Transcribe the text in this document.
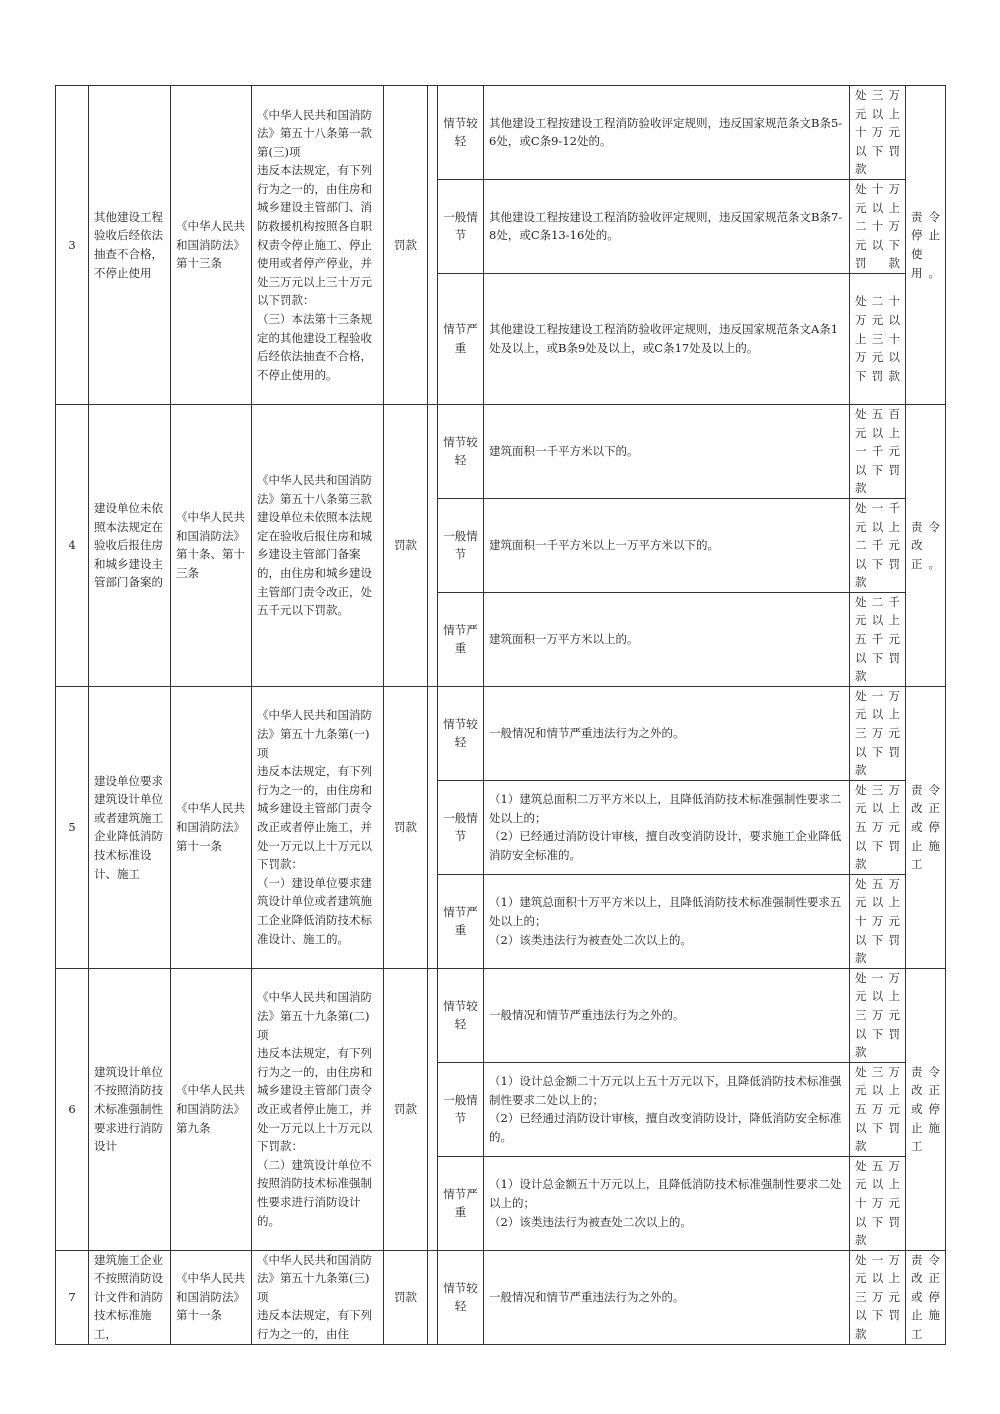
3	其他建设工程验收后经依法抽查不合格，不停止使用	《中华人民共和国消防法》第十三条	《中华人民共和国消防法》第五十八条第一款第(三)项
违反本法规定，有下列行为之一的，由住房和城乡建设主管部门、消防救援机构按照各自职权责令停止施工、停止使用或者停产停业，并处三万元以上三十万元以下罚款：
（三）本法第十三条规定的其他建设工程验收后经依法抽查不合格，不停止使用的。	罚款		情节较轻	其他建设工程按建设工程消防验收评定规则，违反国家规范条文B条5-6处，或C条9-12处的。	处三万元以上十万元以下罚款	责令停止使用。
						一般情节	其他建设工程按建设工程消防验收评定规则，违反国家规范条文B条7-8处，或C条13-16处的。	处十万元以上二十万元以下罚款	
						情节严重	其他建设工程按建设工程消防验收评定规则，违反国家规范条文A条1处及以上，或B条9处及以上，或C条17处及以上的。	处二十万元以上三十万元以下罚款	
4	建设单位未依照本法规定在验收后报住房和城乡建设主管部门备案的	《中华人民共和国消防法》第十条、第十三条	《中华人民共和国消防法》第五十八条第三款
建设单位未依照本法规定在验收后报住房和城乡建设主管部门备案的，由住房和城乡建设主管部门责令改正，处五千元以下罚款。	罚款		情节较轻	建筑面积一千平方米以下的。	处五百元以上一千元以下罚款	责令改正。
						一般情节	建筑面积一千平方米以上一万平方米以下的。	处一千元以上二千元以下罚款	
						情节严重	建筑面积一万平方米以上的。	处二千元以上五千元以下罚款	
5	建设单位要求建筑设计单位或者建筑施工企业降低消防技术标准设计、施工	《中华人民共和国消防法》第十一条	《中华人民共和国消防法》第五十九条第(一)项
违反本法规定，有下列行为之一的，由住房和城乡建设主管部门责令改正或者停止施工，并处一万元以上十万元以下罚款：
（一）建设单位要求建筑设计单位或者建筑施工企业降低消防技术标准设计、施工的。	罚款		情节较轻	一般情况和情节严重违法行为之外的。	处一万元以上三万元以下罚款	责令改正或停止施工
						一般情节	（1）建筑总面积二万平方米以上，且降低消防技术标准强制性要求二处以上的；
（2）已经通过消防设计审核，擅自改变消防设计，要求施工企业降低消防安全标准的。	处三万元以上五万元以下罚款	
						情节严重	（1）建筑总面积十万平方米以上，且降低消防技术标准强制性要求五处以上的；
（2）该类违法行为被查处二次以上的。	处五万元以上十万元以下罚款	
6	建筑设计单位不按照消防技术标准强制性要求进行消防设计	《中华人民共和国消防法》第九条	《中华人民共和国消防法》第五十九条第(二)项
违反本法规定，有下列行为之一的，由住房和城乡建设主管部门责令改正或者停止施工，并处一万元以上十万元以下罚款：
（二）建筑设计单位不按照消防技术标准强制性要求进行消防设计的。	罚款		情节较轻	一般情况和情节严重违法行为之外的。	处一万元以上三万元以下罚款	责令改正或停止施工
						一般情节	（1）设计总金额二十万元以上五十万元以下，且降低消防技术标准强制性要求二处以上的；
（2）已经通过消防设计审核，擅自改变消防设计，降低消防安全标准的。	处三万元以上五万元以下罚款	
						情节严重	（1）设计总金额五十万元以上，且降低消防技术标准强制性要求二处以上的；
（2）该类违法行为被查处二次以上的。	处五万元以上十万元以下罚款	
7	建筑施工企业不按照消防设计文件和消防技术标准施工，	《中华人民共和国消防法》第十一条	《中华人民共和国消防法》第五十九条第(三)项
违反本法规定，有下列行为之一的，由住	罚款		情节较轻	一般情况和情节严重违法行为之外的。	处一万元以上三万元以下罚款	责令改正或停止施工
